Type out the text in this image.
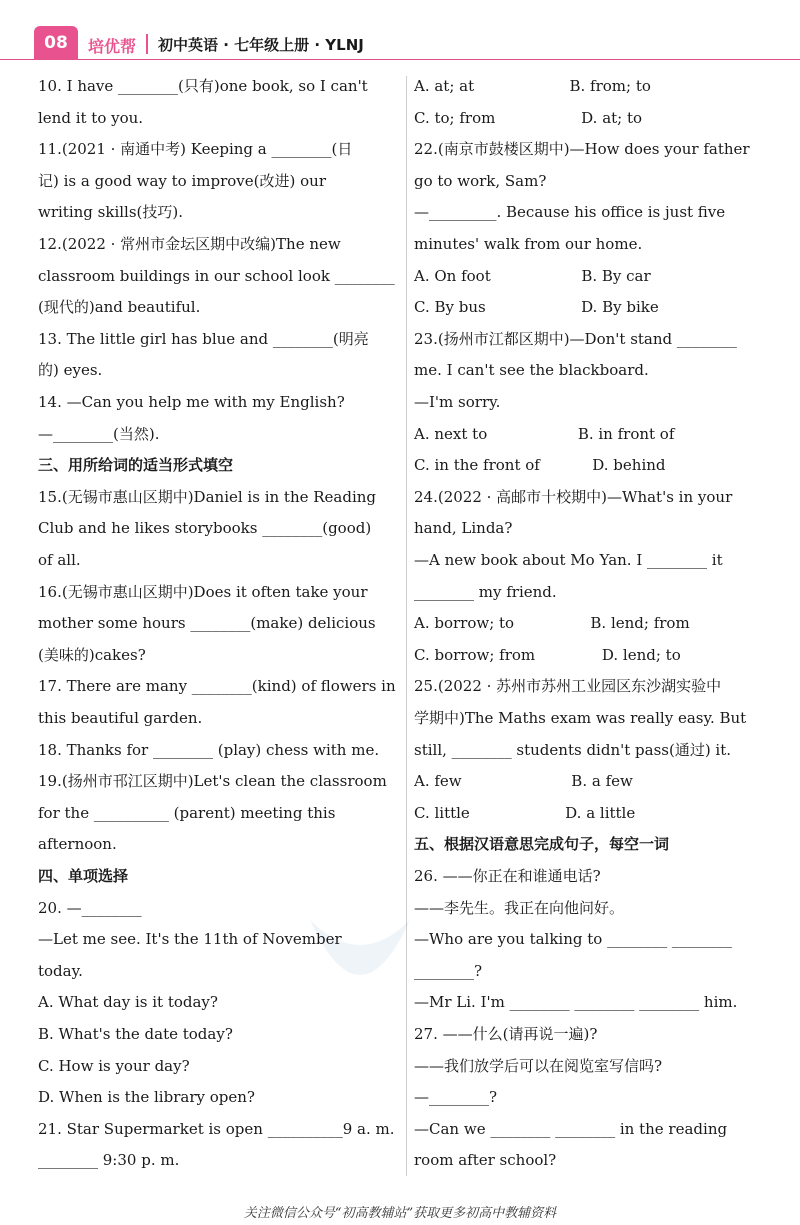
08	培优帮 初中英语 · 七年级上册 · YLNJ
10. I have ________(只有)one book, so I can't
lend it to you.
11.(2021 · 南通中考) Keeping a ________(日
记) is a good way to improve(改进) our
writing skills(技巧).
12.(2022 · 常州市金坛区期中改编)The new
classroom buildings in our school look ________
(现代的)and beautiful.
13. The little girl has blue and ________(明亮
的) eyes.
14. —Can you help me with my English?
—________(当然).
三、用所给词的适当形式填空
15.(无锡市惠山区期中)Daniel is in the Reading
Club and he likes storybooks ________(good)
of all.
16.(无锡市惠山区期中)Does it often take your
mother some hours ________(make) delicious
(美味的)cakes?
17. There are many ________(kind) of flowers in
this beautiful garden.
18. Thanks for ________ (play) chess with me.
19.(扬州市邗江区期中)Let's clean the classroom
for the __________ (parent) meeting this
afternoon.
四、单项选择
20. —________
—Let me see. It's the 11th of November
today.
A. What day is it today?
B. What's the date today?
C. How is your day?
D. When is the library open?
21. Star Supermarket is open __________9 a. m.
________ 9:30 p. m.
A. at; at                    B. from; to
C. to; from                  D. at; to
22.(南京市鼓楼区期中)—How does your father
go to work, Sam?
—_________. Because his office is just five
minutes' walk from our home.
A. On foot                   B. By car
C. By bus                    D. By bike
23.(扬州市江都区期中)—Don't stand ________
me. I can't see the blackboard.
—I'm sorry.
A. next to                   B. in front of
C. in the front of           D. behind
24.(2022 · 高邮市十校期中)—What's in your
hand, Linda?
—A new book about Mo Yan. I ________ it
________ my friend.
A. borrow; to                B. lend; from
C. borrow; from              D. lend; to
25.(2022 · 苏州市苏州工业园区东沙湖实验中
学期中)The Maths exam was really easy. But
still, ________ students didn't pass(通过) it.
A. few                       B. a few
C. little                    D. a little
五、根据汉语意思完成句子，每空一词
26. ——你正在和谁通电话?
——李先生。我正在向他问好。
—Who are you talking to ________ ________
________?
—Mr Li. I'm ________ ________ ________ him.
27. ——什么(请再说一遍)?
——我们放学后可以在阅览室写信吗?
—________?
—Can we ________ ________ in the reading
room after school?
关注微信公众号“初高教辅站”获取更多初高中教辅资料
